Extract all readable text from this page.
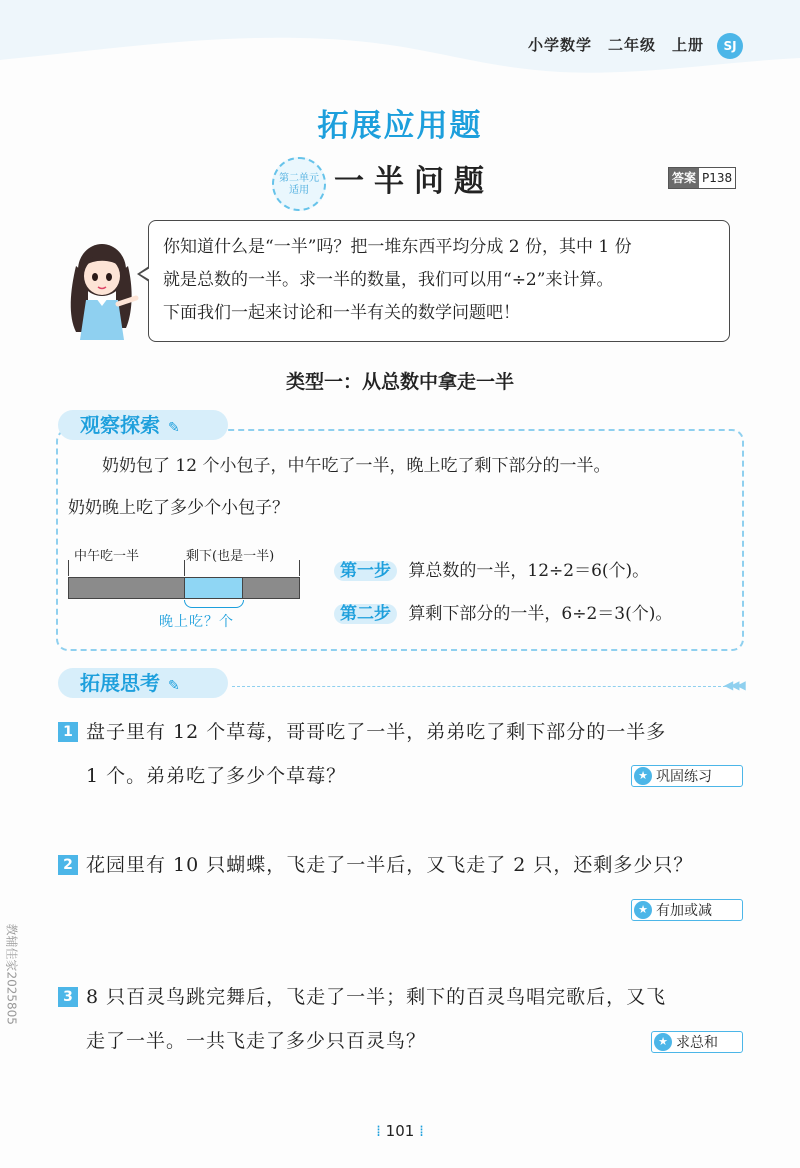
小学数学　二年级　上册	SJ
拓展应用题
第二单元
适用 一半问题	答案 P138
你知道什么是“一半”吗？把一堆东西平均分成 2 份，其中 1 份
就是总数的一半。求一半的数量，我们可以用“÷2”来计算。
下面我们一起来讨论和一半有关的数学问题吧！
类型一：从总数中拿走一半
观察探索 ✎
奶奶包了 12 个小包子，中午吃了一半，晚上吃了剩下部分的一半。
奶奶晚上吃了多少个小包子？
中午吃一半	剩下(也是一半)
晚上吃？个
第一步 算总数的一半，12÷2＝6(个)。
第二步 算剩下部分的一半，6÷2＝3(个)。
拓展思考 ✎	◀◀◀
1 盘子里有 12 个草莓，哥哥吃了一半，弟弟吃了剩下部分的一半多
1 个。弟弟吃了多少个草莓？	★ 巩固练习
2 花园里有 10 只蝴蝶，飞走了一半后，又飞走了 2 只，还剩多少只？
★ 有加或减
3 8 只百灵鸟跳完舞后，飞走了一半；剩下的百灵鸟唱完歌后，又飞
走了一半。一共飞走了多少只百灵鸟？	★ 求总和
⁞ 101 ⁞
教辅佳家2025805
